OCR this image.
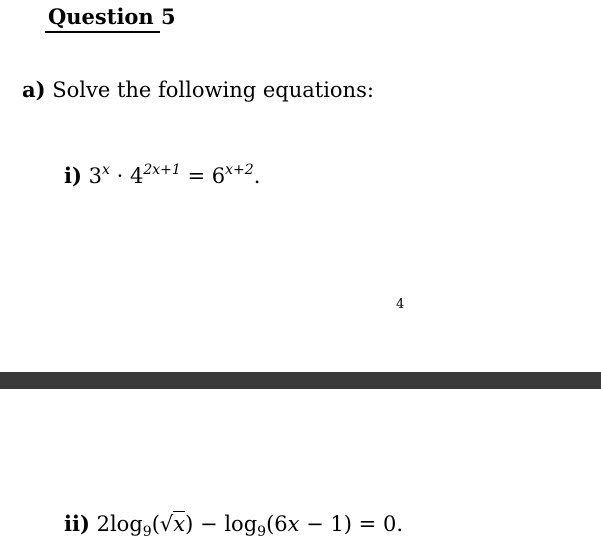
Question 5
a) Solve the following equations:
i) $3^x \cdot 4^{2x+1} = 6^{x+2}$.
4
ii) $2\log_9(√x) - \log_9(6x - 1) = 0$.
